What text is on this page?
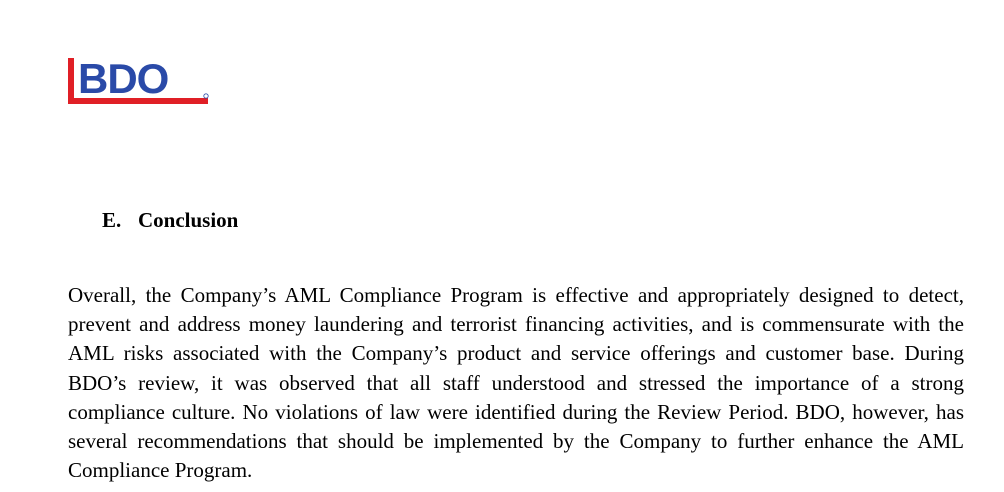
BDO
E. Conclusion

Overall, the Company’s AML Compliance Program is effective and appropriately designed to detect, prevent and address money laundering and terrorist financing activities, and is commensurate with the AML risks associated with the Company’s product and service offerings and customer base. During BDO’s review, it was observed that all staff understood and stressed the importance of a strong compliance culture. No violations of law were identified during the Review Period. BDO, however, has several recommendations that should be implemented by the Company to further enhance the AML Compliance Program.
